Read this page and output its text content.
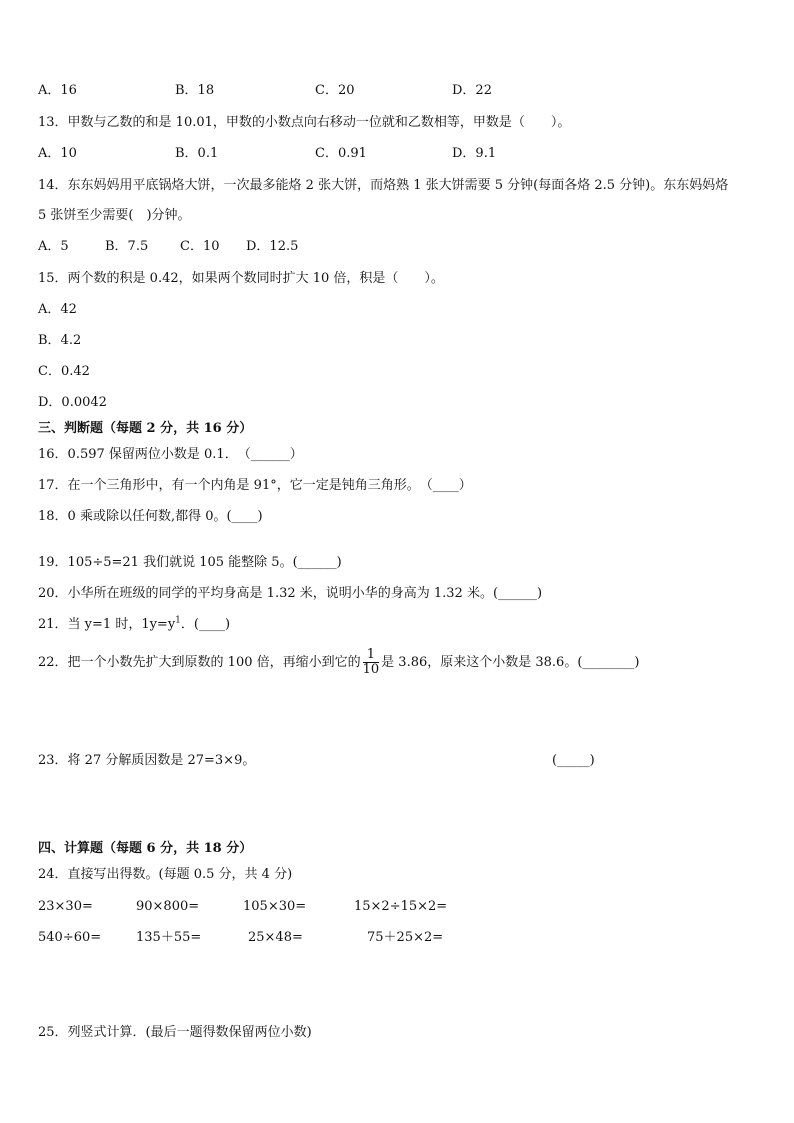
A．16	B．18	C．20	D．22
13．甲数与乙数的和是 10.01，甲数的小数点向右移动一位就和乙数相等，甲数是（　　）。
A．10	B．0.1	C．0.91	D．9.1
14．东东妈妈用平底锅烙大饼，一次最多能烙 2 张大饼，而烙熟 1 张大饼需要 5 分钟(每面各烙 2.5 分钟)。东东妈妈烙
5 张饼至少需要(　)分钟。
A．5	B．7.5 C．10 D．12.5
15．两个数的积是 0.42，如果两个数同时扩大 10 倍，积是（　　）。
A．42
B．4.2
C．0.42
D．0.0042
三、判断题（每题 2 分，共 16 分）
16．0.597 保留两位小数是 0.1．　（______）
17．在一个三角形中，有一个内角是 91°，它一定是钝角三角形。　（____）
18．0 乘或除以任何数,都得 0。(____)
19．105÷5=21 我们就说 105 能整除 5。(______)
20．小华所在班级的同学的平均身高是 1.32 米，说明小华的身高为 1.32 米。(______)
21．当 y=1 时，$1y=y^1$．(____)
22．把一个小数先扩大到原数的 100 倍，再缩小到它的 $\frac{1}{10}$ 是 3.86，原来这个小数是 38.6。(________)
23．将 27 分解质因数是 27=3×9。	(_____)
四、计算题（每题 6 分，共 18 分）
24．直接写出得数。(每题 0.5 分，共 4 分)
23×30=	90×800=	105×30=	15×2÷15×2=
540÷60=	135＋55=	25×48=	75＋25×2=
25．列竖式计算．(最后一题得数保留两位小数)
